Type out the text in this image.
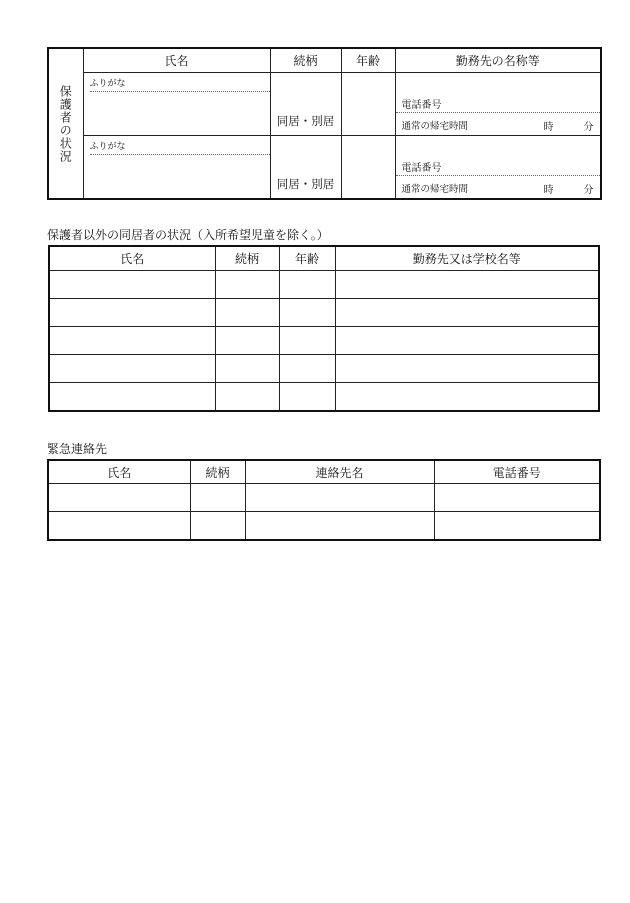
保護者の状況	氏名	続柄	年齢	勤務先の名称等

	ふりがな	同居・別居		電話番号
通常の帰宅時間 時 分

	ふりがな	同居・別居		電話番号
通常の帰宅時間 時 分
保護者以外の同居者の状況（入所希望児童を除く。）
氏名	続柄	年齢	勤務先又は学校名等

緊急連絡先
氏名	続柄	連絡先名	電話番号
